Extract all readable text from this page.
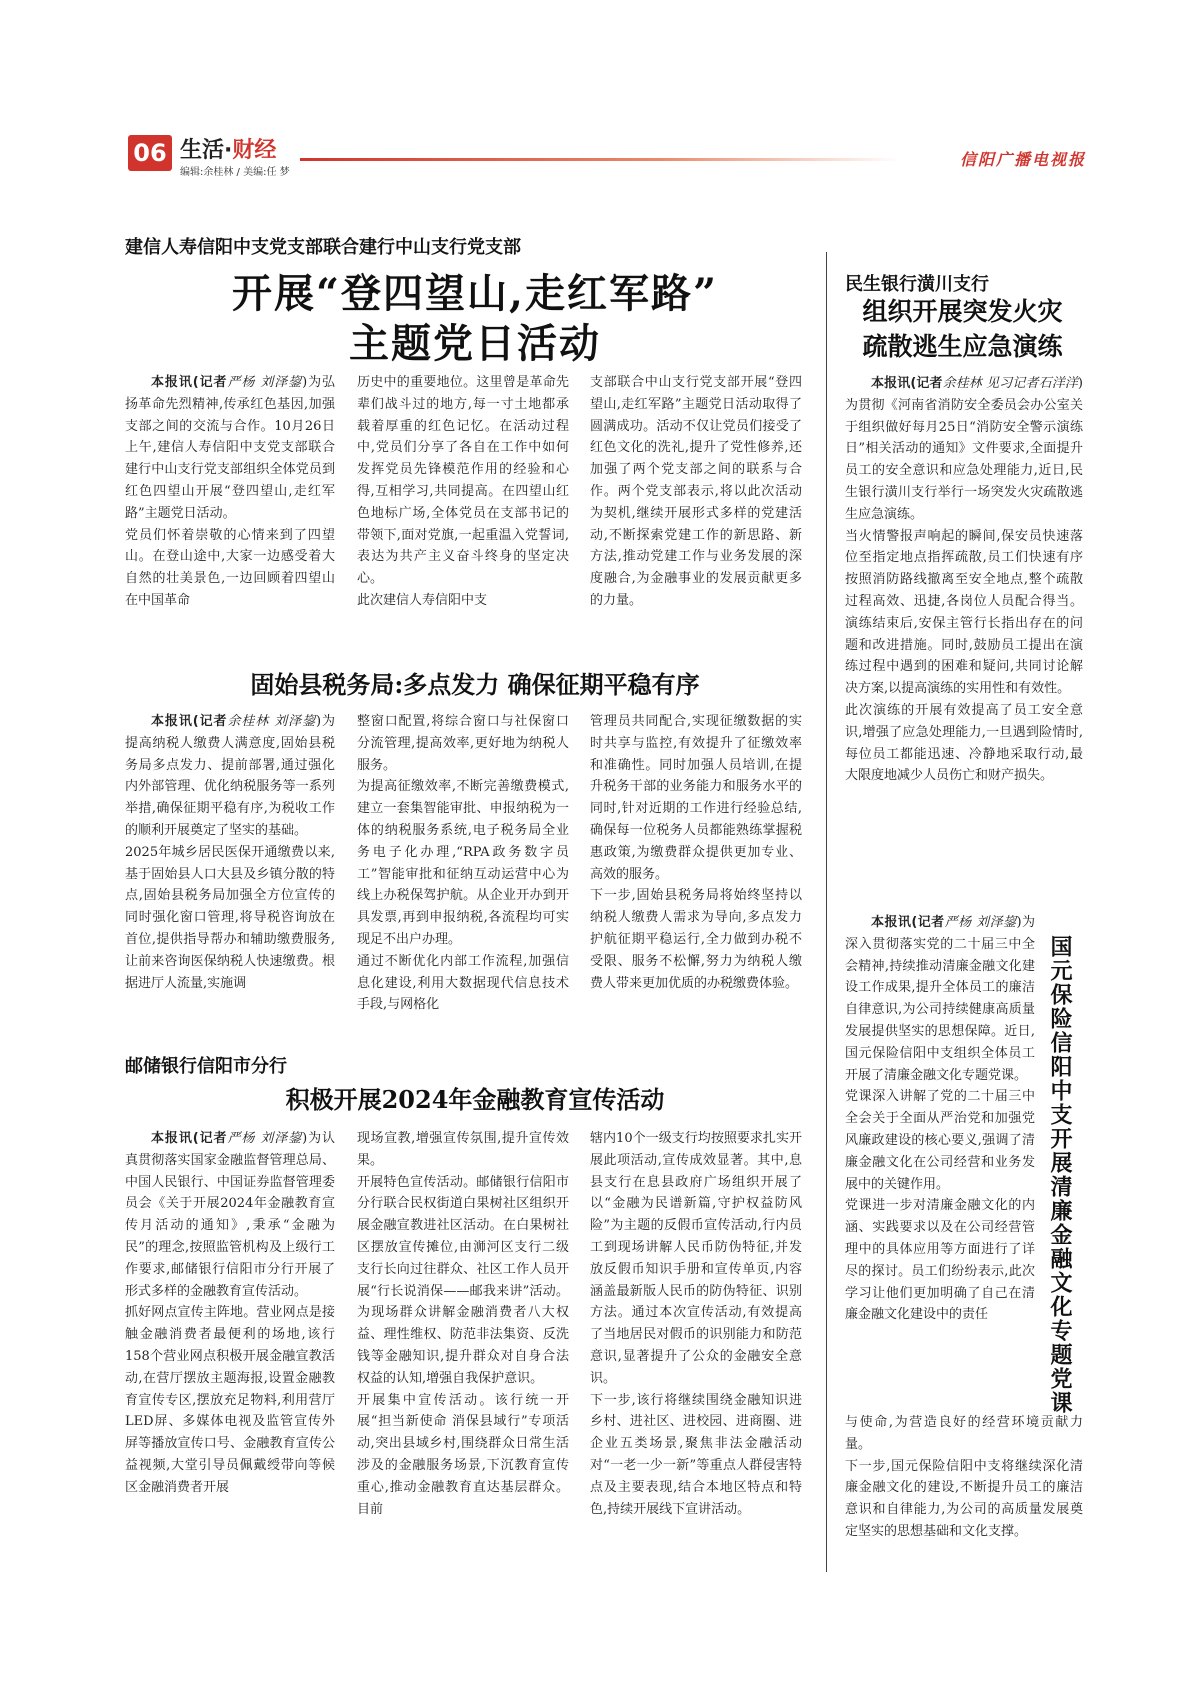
06 生活·财经
编辑:余桂林 / 美编:任 梦
信阳广播电视报
建信人寿信阳中支党支部联合建行中山支行党支部
开展“登四望山,走红军路”
主题党日活动

本报讯(记者严杨 刘泽鋆)为弘扬革命先烈精神,传承红色基因,加强支部之间的交流与合作。10月26日上午,建信人寿信阳中支党支部联合建行中山支行党支部组织全体党员到红色四望山开展“登四望山,走红军路”主题党日活动。
党员们怀着崇敬的心情来到了四望山。在登山途中,大家一边感受着大自然的壮美景色,一边回顾着四望山在中国革命

历史中的重要地位。这里曾是革命先辈们战斗过的地方,每一寸土地都承载着厚重的红色记忆。在活动过程中,党员们分享了各自在工作中如何发挥党员先锋模范作用的经验和心得,互相学习,共同提高。在四望山红色地标广场,全体党员在支部书记的带领下,面对党旗,一起重温入党誓词,表达为共产主义奋斗终身的坚定决心。
此次建信人寿信阳中支

支部联合中山支行党支部开展“登四望山,走红军路”主题党日活动取得了圆满成功。活动不仅让党员们接受了红色文化的洗礼,提升了党性修养,还加强了两个党支部之间的联系与合作。两个党支部表示,将以此次活动为契机,继续开展形式多样的党建活动,不断探索党建工作的新思路、新方法,推动党建工作与业务发展的深度融合,为金融事业的发展贡献更多的力量。

固始县税务局:多点发力 确保征期平稳有序

本报讯(记者余桂林 刘泽鋆)为提高纳税人缴费人满意度,固始县税务局多点发力、提前部署,通过强化内外部管理、优化纳税服务等一系列举措,确保征期平稳有序,为税收工作的顺利开展奠定了坚实的基础。
2025年城乡居民医保开通缴费以来,基于固始县人口大县及乡镇分散的特点,固始县税务局加强全方位宣传的同时强化窗口管理,将导税咨询放在首位,提供指导帮办和辅助缴费服务,让前来咨询医保纳税人快速缴费。根据进厅人流量,实施调

整窗口配置,将综合窗口与社保窗口分流管理,提高效率,更好地为纳税人服务。
为提高征缴效率,不断完善缴费模式,建立一套集智能审批、申报纳税为一体的纳税服务系统,电子税务局全业务电子化办理,“RPA政务数字员工”智能审批和征纳互动运营中心为线上办税保驾护航。从企业开办到开具发票,再到申报纳税,各流程均可实现足不出户办理。
通过不断优化内部工作流程,加强信息化建设,利用大数据现代信息技术手段,与网格化

管理员共同配合,实现征缴数据的实时共享与监控,有效提升了征缴效率和准确性。同时加强人员培训,在提升税务干部的业务能力和服务水平的同时,针对近期的工作进行经验总结,确保每一位税务人员都能熟练掌握税惠政策,为缴费群众提供更加专业、高效的服务。
下一步,固始县税务局将始终坚持以纳税人缴费人需求为导向,多点发力护航征期平稳运行,全力做到办税不受限、服务不松懈,努力为纳税人缴费人带来更加优质的办税缴费体验。

邮储银行信阳市分行
积极开展2024年金融教育宣传活动

本报讯(记者严杨 刘泽鋆)为认真贯彻落实国家金融监督管理总局、中国人民银行、中国证券监督管理委员会《关于开展2024年金融教育宣传月活动的通知》,秉承“金融为民”的理念,按照监管机构及上级行工作要求,邮储银行信阳市分行开展了形式多样的金融教育宣传活动。
抓好网点宣传主阵地。营业网点是接触金融消费者最便利的场地,该行158个营业网点积极开展金融宣教活动,在营厅摆放主题海报,设置金融教育宣传专区,摆放充足物料,利用营厅LED屏、多媒体电视及监管宣传外屏等播放宣传口号、金融教育宣传公益视频,大堂引导员佩戴绶带向等候区金融消费者开展

现场宣教,增强宣传氛围,提升宣传效果。
开展特色宣传活动。邮储银行信阳市分行联合民权街道白果树社区组织开展金融宣教进社区活动。在白果树社区摆放宣传摊位,由浉河区支行二级支行长向过往群众、社区工作人员开展“行长说消保——邮我来讲”活动。为现场群众讲解金融消费者八大权益、理性维权、防范非法集资、反洗钱等金融知识,提升群众对自身合法权益的认知,增强自我保护意识。
开展集中宣传活动。该行统一开展“担当新使命 消保县域行”专项活动,突出县域乡村,围绕群众日常生活涉及的金融服务场景,下沉教育宣传重心,推动金融教育直达基层群众。目前

辖内10个一级支行均按照要求扎实开展此项活动,宣传成效显著。其中,息县支行在息县政府广场组织开展了以“金融为民谱新篇,守护权益防风险”为主题的反假币宣传活动,行内员工到现场讲解人民币防伪特征,并发放反假币知识手册和宣传单页,内容涵盖最新版人民币的防伪特征、识别方法。通过本次宣传活动,有效提高了当地居民对假币的识别能力和防范意识,显著提升了公众的金融安全意识。
下一步,该行将继续围绕金融知识进乡村、进社区、进校园、进商圈、进企业五类场景,聚焦非法金融活动对“一老一少一新”等重点人群侵害特点及主要表现,结合本地区特点和特色,持续开展线下宣讲活动。

民生银行潢川支行
组织开展突发火灾
疏散逃生应急演练

本报讯(记者余桂林 见习记者石洋洋)为贯彻《河南省消防安全委员会办公室关于组织做好每月25日“消防安全警示演练日”相关活动的通知》文件要求,全面提升员工的安全意识和应急处理能力,近日,民生银行潢川支行举行一场突发火灾疏散逃生应急演练。
当火情警报声响起的瞬间,保安员快速落位至指定地点指挥疏散,员工们快速有序按照消防路线撤离至安全地点,整个疏散过程高效、迅捷,各岗位人员配合得当。演练结束后,安保主管行长指出存在的问题和改进措施。同时,鼓励员工提出在演练过程中遇到的困难和疑问,共同讨论解决方案,以提高演练的实用性和有效性。
此次演练的开展有效提高了员工安全意识,增强了应急处理能力,一旦遇到险情时,每位员工都能迅速、冷静地采取行动,最大限度地减少人员伤亡和财产损失。

国元保险信阳中支开展清廉金融文化专题党课

本报讯(记者严杨 刘泽鋆)为深入贯彻落实党的二十届三中全会精神,持续推动清廉金融文化建设工作成果,提升全体员工的廉洁自律意识,为公司持续健康高质量发展提供坚实的思想保障。近日,国元保险信阳中支组织全体员工开展了清廉金融文化专题党课。
党课深入讲解了党的二十届三中全会关于全面从严治党和加强党风廉政建设的核心要义,强调了清廉金融文化在公司经营和业务发展中的关键作用。
党课进一步对清廉金融文化的内涵、实践要求以及在公司经营管理中的具体应用等方面进行了详尽的探讨。员工们纷纷表示,此次学习让他们更加明确了自己在清廉金融文化建设中的责任

与使命,为营造良好的经营环境贡献力量。
下一步,国元保险信阳中支将继续深化清廉金融文化的建设,不断提升员工的廉洁意识和自律能力,为公司的高质量发展奠定坚实的思想基础和文化支撑。
